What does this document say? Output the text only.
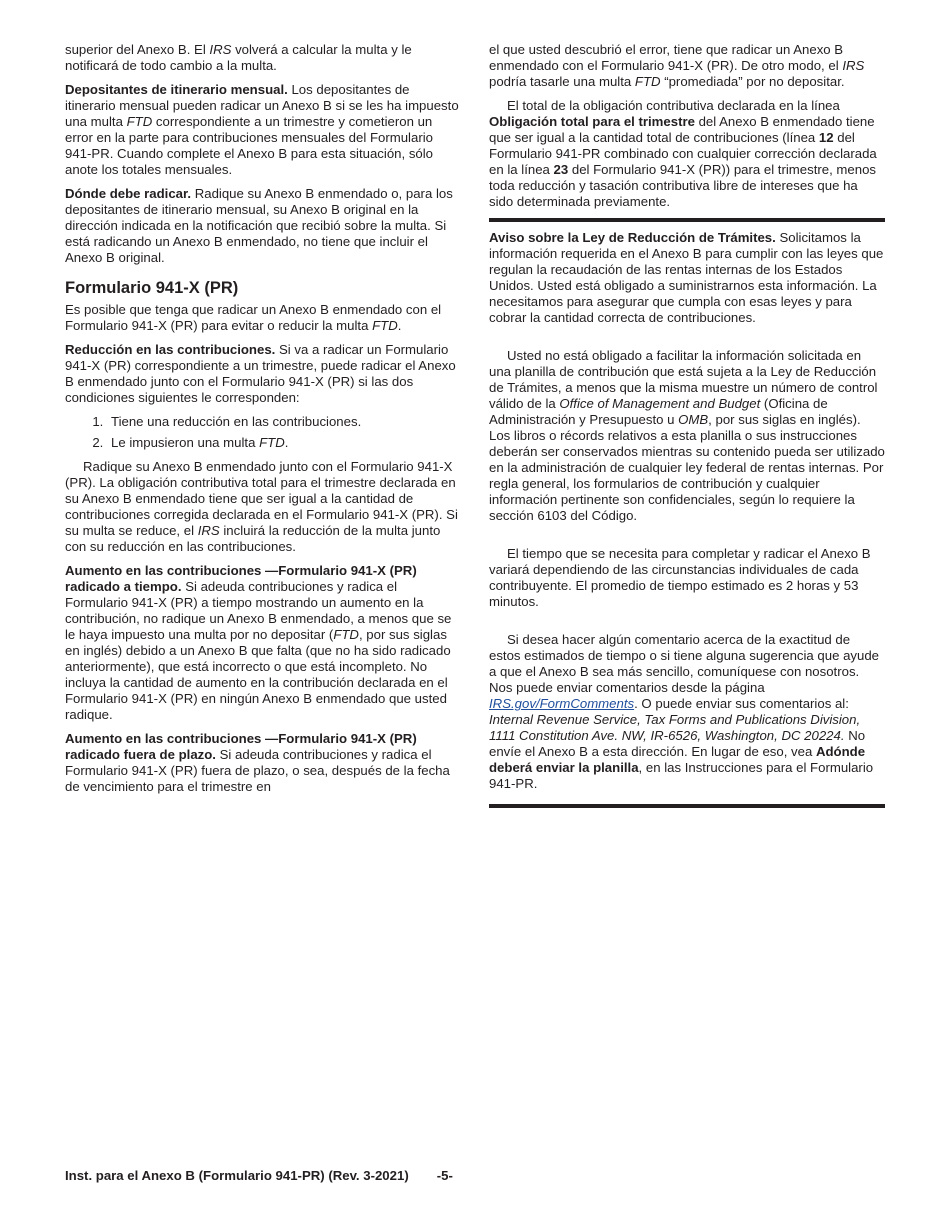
superior del Anexo B. El IRS volverá a calcular la multa y le notificará de todo cambio a la multa.

Depositantes de itinerario mensual. Los depositantes de itinerario mensual pueden radicar un Anexo B si se les ha impuesto una multa FTD correspondiente a un trimestre y cometieron un error en la parte para contribuciones mensuales del Formulario 941-PR. Cuando complete el Anexo B para esta situación, sólo anote los totales mensuales.

Dónde debe radicar. Radique su Anexo B enmendado o, para los depositantes de itinerario mensual, su Anexo B original en la dirección indicada en la notificación que recibió sobre la multa. Si está radicando un Anexo B enmendado, no tiene que incluir el Anexo B original.

Formulario 941-X (PR)

Es posible que tenga que radicar un Anexo B enmendado con el Formulario 941-X (PR) para evitar o reducir la multa FTD.

Reducción en las contribuciones. Si va a radicar un Formulario 941-X (PR) correspondiente a un trimestre, puede radicar el Anexo B enmendado junto con el Formulario 941-X (PR) si las dos condiciones siguientes le corresponden:

1. Tiene una reducción en las contribuciones.
2. Le impusieron una multa FTD.

Radique su Anexo B enmendado junto con el Formulario 941-X (PR). La obligación contributiva total para el trimestre declarada en su Anexo B enmendado tiene que ser igual a la cantidad de contribuciones corregida declarada en el Formulario 941-X (PR). Si su multa se reduce, el IRS incluirá la reducción de la multa junto con su reducción en las contribuciones.

Aumento en las contribuciones —Formulario 941-X (PR) radicado a tiempo. Si adeuda contribuciones y radica el Formulario 941-X (PR) a tiempo mostrando un aumento en la contribución, no radique un Anexo B enmendado, a menos que se le haya impuesto una multa por no depositar (FTD, por sus siglas en inglés) debido a un Anexo B que falta (que no ha sido radicado anteriormente), que está incorrecto o que está incompleto. No incluya la cantidad de aumento en la contribución declarada en el Formulario 941-X (PR) en ningún Anexo B enmendado que usted radique.

Aumento en las contribuciones —Formulario 941-X (PR) radicado fuera de plazo. Si adeuda contribuciones y radica el Formulario 941-X (PR) fuera de plazo, o sea, después de la fecha de vencimiento para el trimestre en

el que usted descubrió el error, tiene que radicar un Anexo B enmendado con el Formulario 941-X (PR). De otro modo, el IRS podría tasarle una multa FTD “promediada” por no depositar.

El total de la obligación contributiva declarada en la línea Obligación total para el trimestre del Anexo B enmendado tiene que ser igual a la cantidad total de contribuciones (línea 12 del Formulario 941-PR combinado con cualquier corrección declarada en la línea 23 del Formulario 941-X (PR)) para el trimestre, menos toda reducción y tasación contributiva libre de intereses que ha sido determinada previamente.

Aviso sobre la Ley de Reducción de Trámites. Solicitamos la información requerida en el Anexo B para cumplir con las leyes que regulan la recaudación de las rentas internas de los Estados Unidos. Usted está obligado a suministrarnos esta información. La necesitamos para asegurar que cumpla con esas leyes y para cobrar la cantidad correcta de contribuciones.

Usted no está obligado a facilitar la información solicitada en una planilla de contribución que está sujeta a la Ley de Reducción de Trámites, a menos que la misma muestre un número de control válido de la Office of Management and Budget (Oficina de Administración y Presupuesto u OMB, por sus siglas en inglés). Los libros o récords relativos a esta planilla o sus instrucciones deberán ser conservados mientras su contenido pueda ser utilizado en la administración de cualquier ley federal de rentas internas. Por regla general, los formularios de contribución y cualquier información pertinente son confidenciales, según lo requiere la sección 6103 del Código.

El tiempo que se necesita para completar y radicar el Anexo B variará dependiendo de las circunstancias individuales de cada contribuyente. El promedio de tiempo estimado es 2 horas y 53 minutos.

Si desea hacer algún comentario acerca de la exactitud de estos estimados de tiempo o si tiene alguna sugerencia que ayude a que el Anexo B sea más sencillo, comuníquese con nosotros. Nos puede enviar comentarios desde la página IRS.gov/FormComments. O puede enviar sus comentarios al: Internal Revenue Service, Tax Forms and Publications Division, 1111 Constitution Ave. NW, IR-6526, Washington, DC 20224. No envíe el Anexo B a esta dirección. En lugar de eso, vea Adónde deberá enviar la planilla, en las Instrucciones para el Formulario 941-PR.

Inst. para el Anexo B (Formulario 941-PR) (Rev. 3-2021) -5-
